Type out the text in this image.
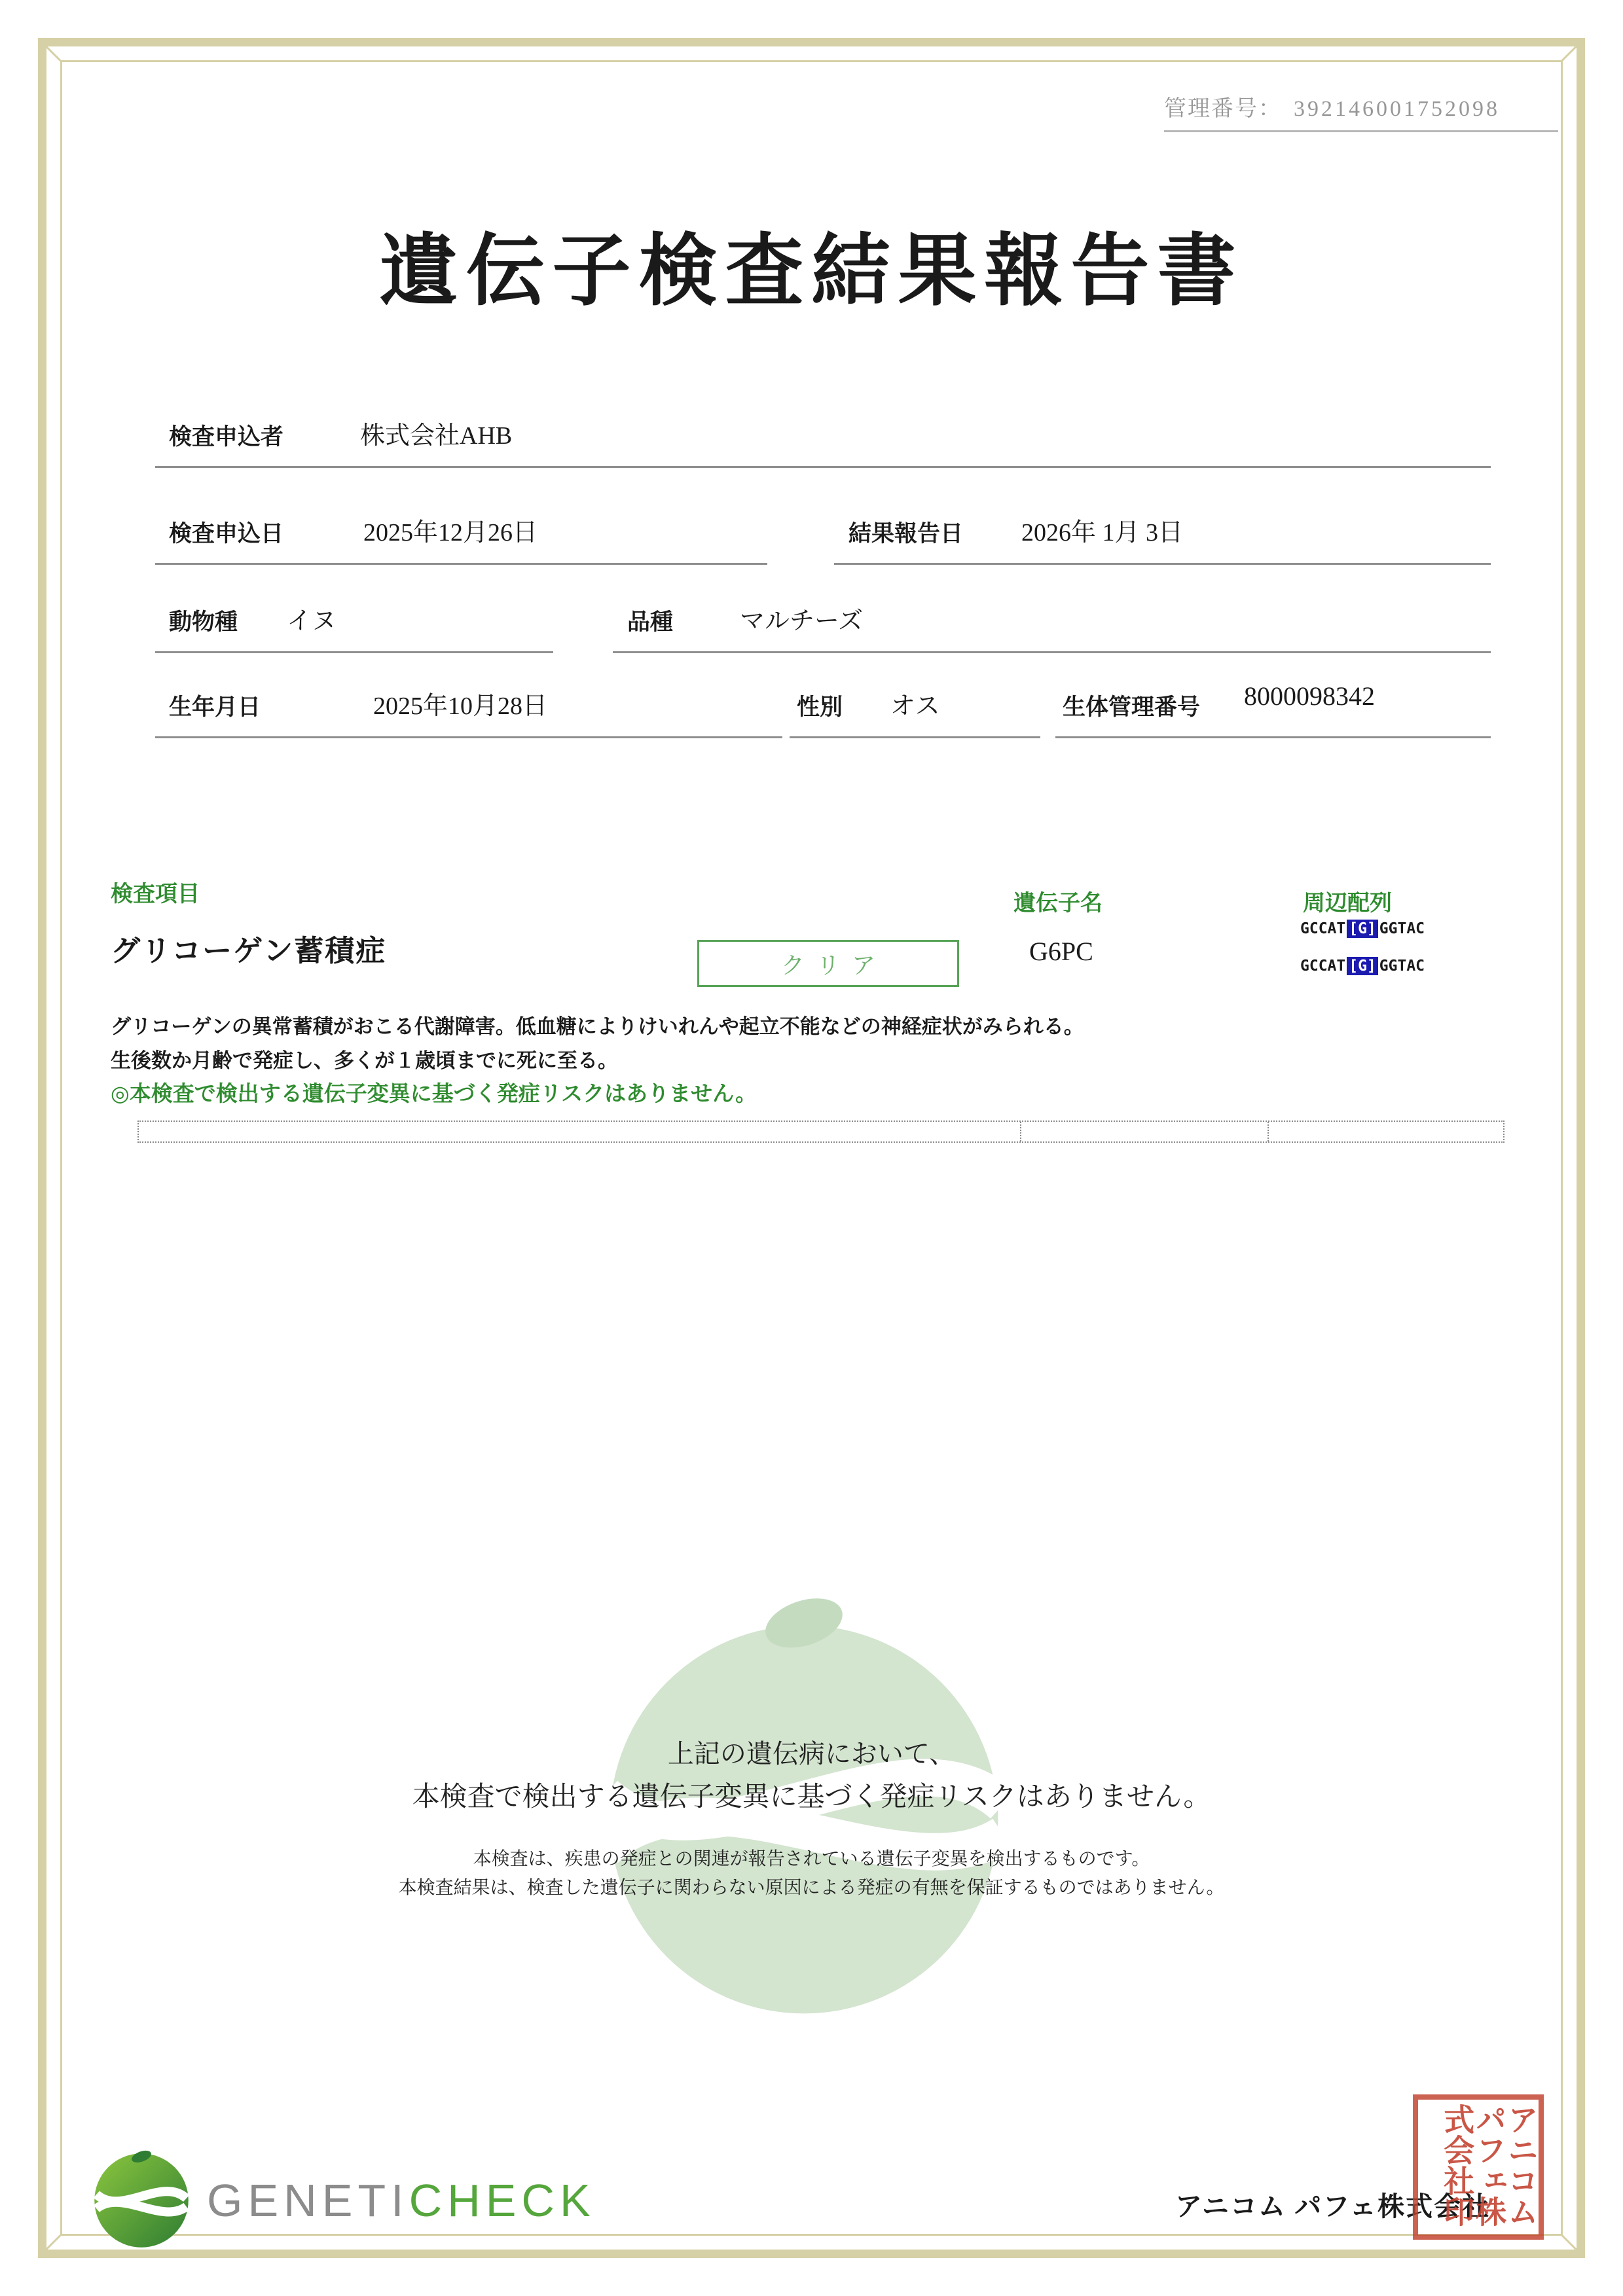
管理番号： 392146001752098
遺伝子検査結果報告書
検査申込者	株式会社AHB
検査申込日	2025年12月26日	結果報告日 2026年 1月 3日
動物種 イヌ	品種	マルチーズ
生年月日	2025年10月28日	性別 オス	生体管理番号 8000098342
検査項目	遺伝子名	周辺配列
グリコーゲン蓄積症	クリア	G6PC
GCCAT [G] GGTAC
GCCAT [G] GGTAC
グリコーゲンの異常蓄積がおこる代謝障害。低血糖によりけいれんや起立不能などの神経症状がみられる。
生後数か月齢で発症し、多くが１歳頃までに死に至る。
◎本検査で検出する遺伝子変異に基づく発症リスクはありません。
上記の遺伝病において、
本検査で検出する遺伝子変異に基づく発症リスクはありません。
本検査は、疾患の発症との関連が報告されている遺伝子変異を検出するものです。
本検査結果は、検査した遺伝子に関わらない原因による発症の有無を保証するものではありません。
GENETICHECK	アニコム パフェ株式会社 アニコムパフェ株式会社印
